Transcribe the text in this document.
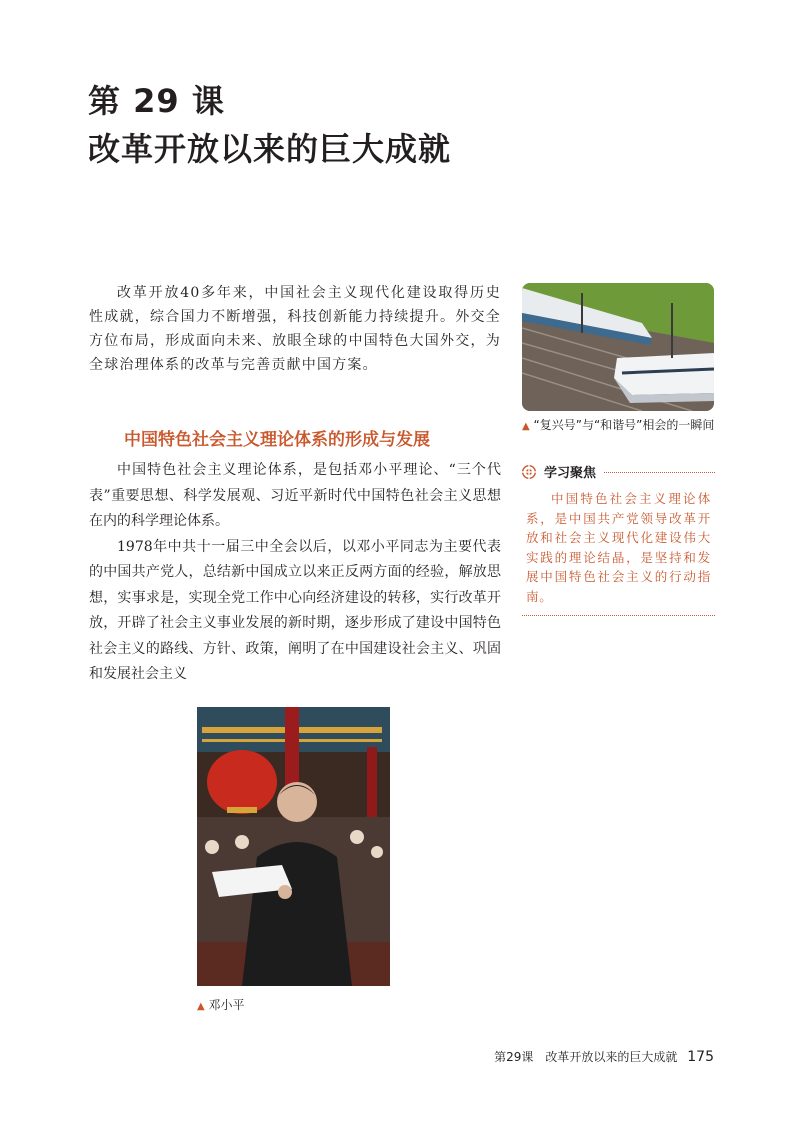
第 29 课
改革开放以来的巨大成就
改革开放40多年来，中国社会主义现代化建设取得历史性成就，综合国力不断增强，科技创新能力持续提升。外交全方位布局，形成面向未来、放眼全球的中国特色大国外交，为全球治理体系的改革与完善贡献中国方案。
中国特色社会主义理论体系的形成与发展

中国特色社会主义理论体系，是包括邓小平理论、“三个代表”重要思想、科学发展观、习近平新时代中国特色社会主义思想在内的科学理论体系。

1978年中共十一届三中全会以后，以邓小平同志为主要代表的中国共产党人，总结新中国成立以来正反两方面的经验，解放思想，实事求是，实现全党工作中心向经济建设的转移，实行改革开放，开辟了社会主义事业发展的新时期，逐步形成了建设中国特色社会主义的路线、方针、政策，阐明了在中国建设社会主义、巩固和发展社会主义

▲ “复兴号”与“和谐号”相会的一瞬间
学习聚焦
中国特色社会主义理论体系，是中国共产党领导改革开放和社会主义现代化建设伟大实践的理论结晶，是坚持和发展中国特色社会主义的行动指南。
▲ 邓小平
第29课　改革开放以来的巨大成就 175
